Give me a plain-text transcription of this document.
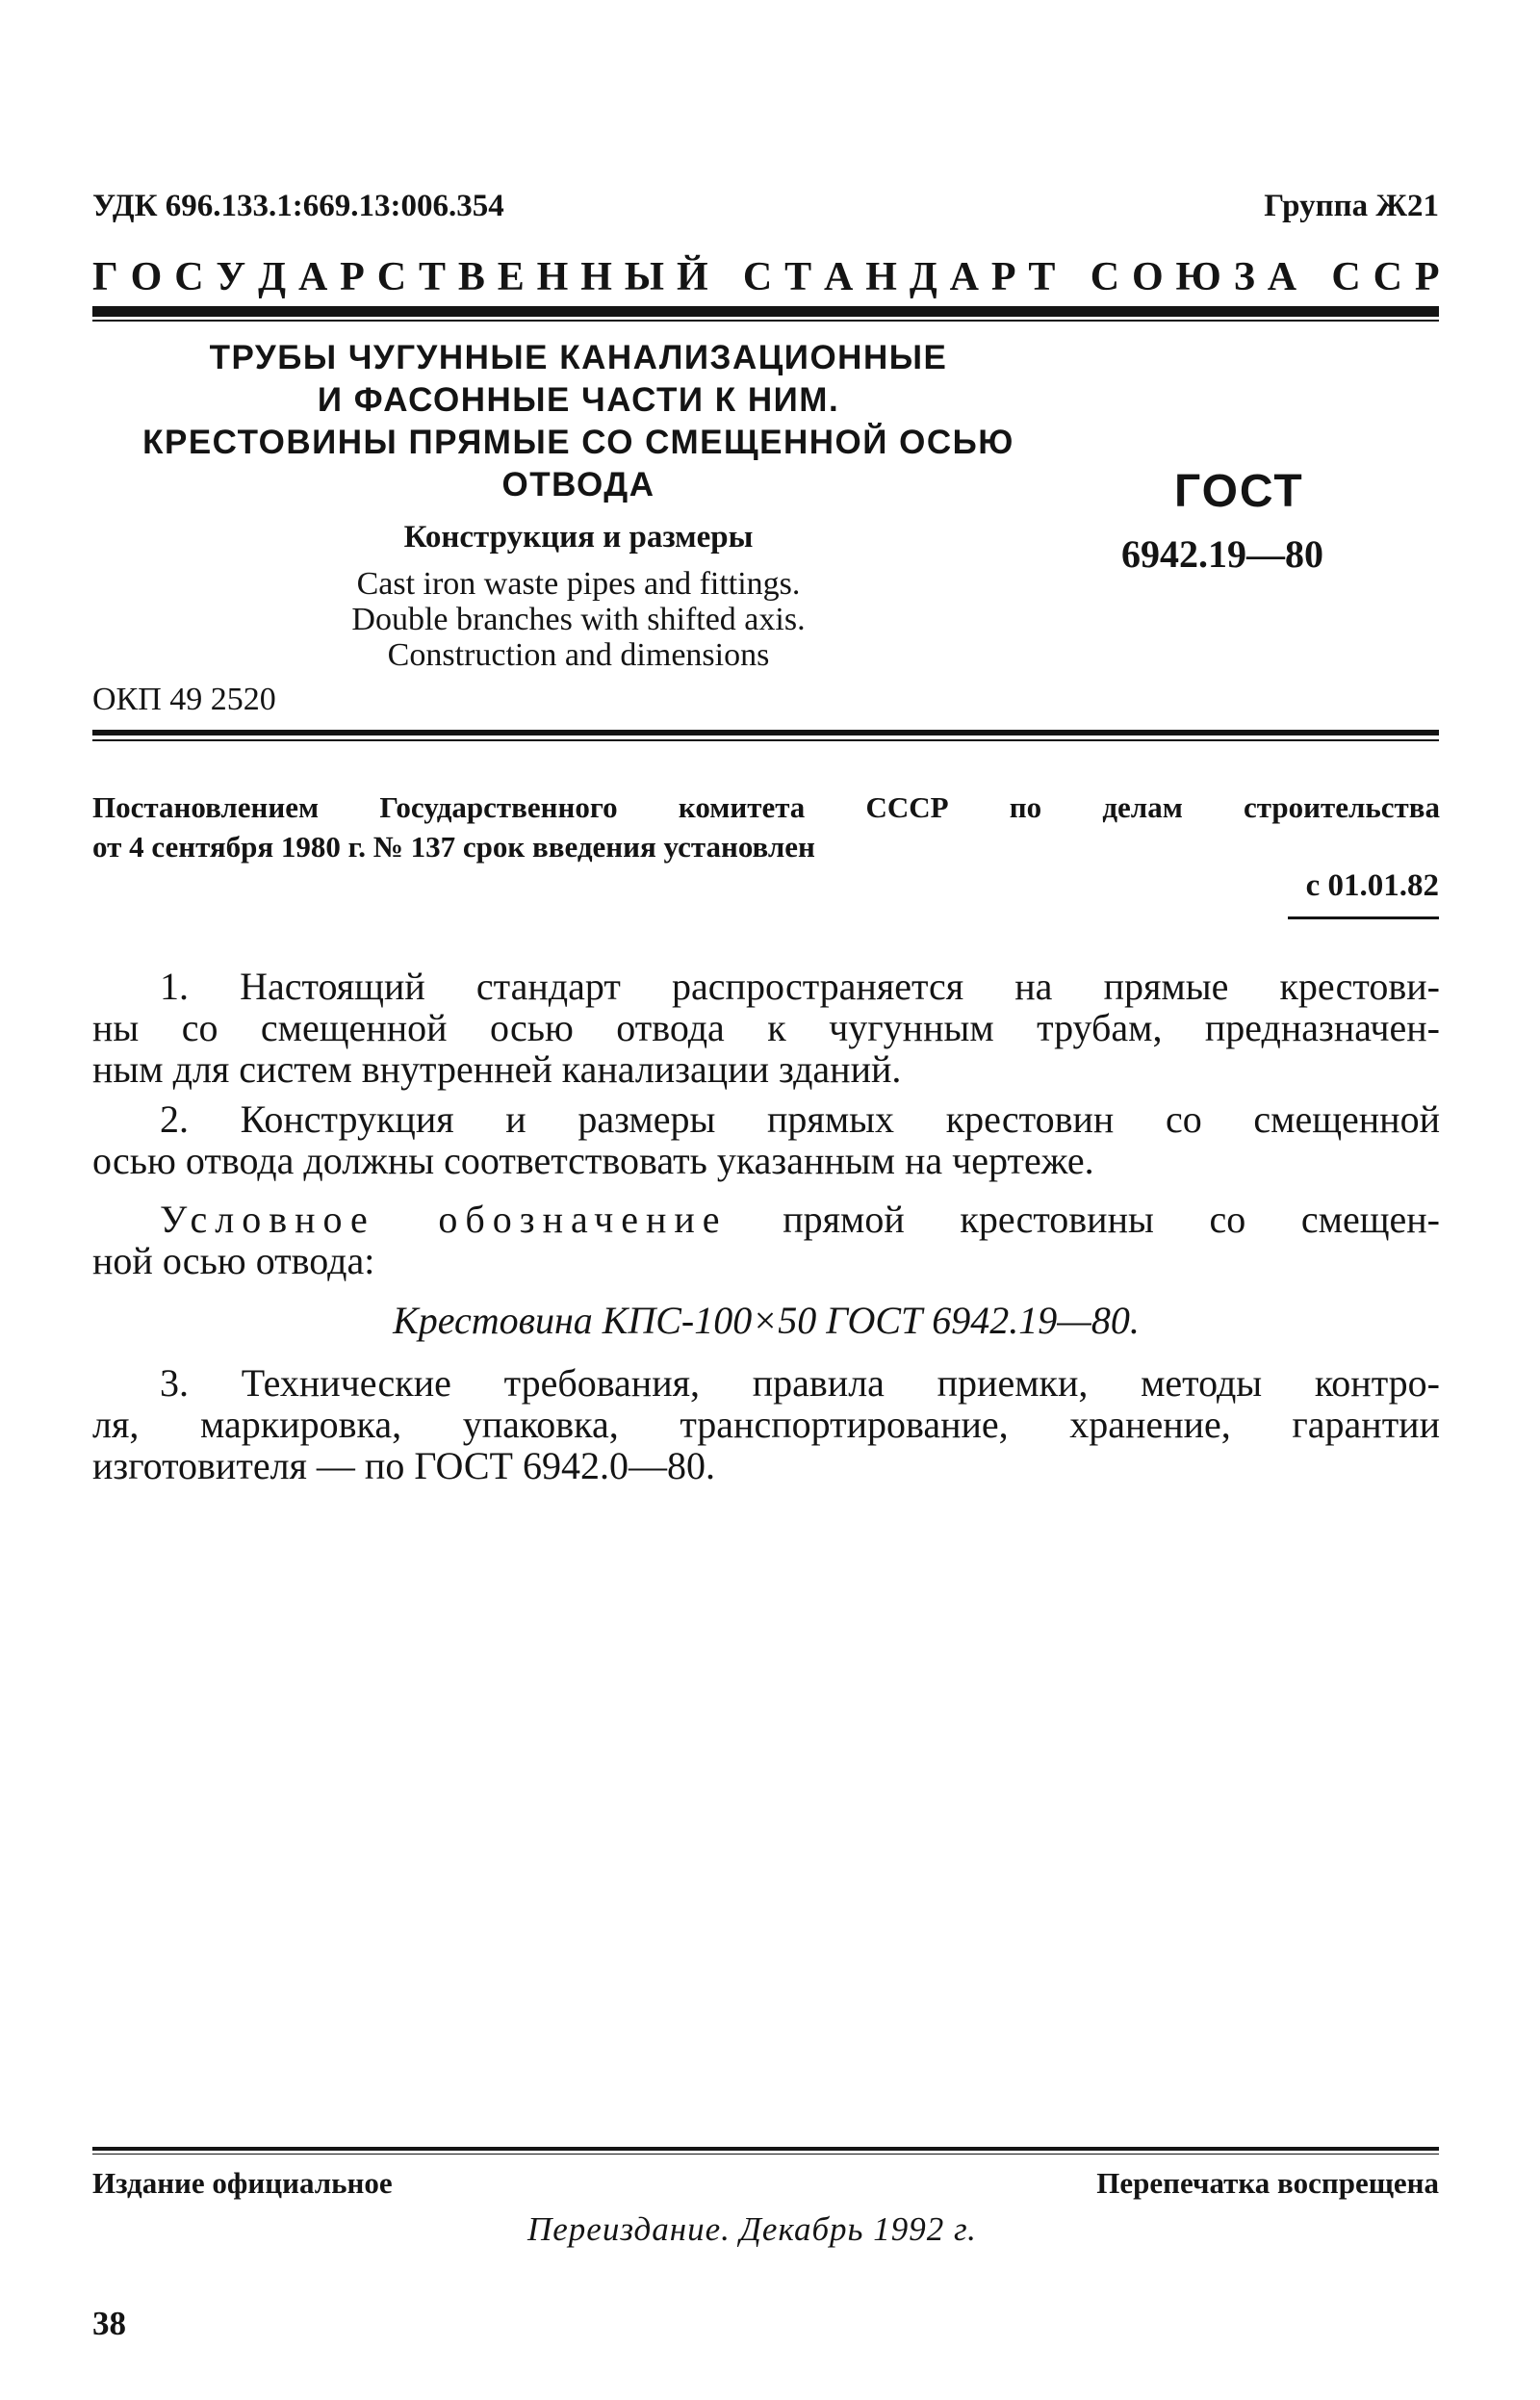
УДК 696.133.1:669.13:006.354	Группа Ж21
Г О С У Д А Р С Т В Е Н Н Ы Й
С Т А Н Д А Р Т
С О Ю З А
С С Р
ТРУБЫ ЧУГУННЫЕ КАНАЛИЗАЦИОННЫЕ
И ФАСОННЫЕ ЧАСТИ К НИМ.
КРЕСТОВИНЫ ПРЯМЫЕ СО СМЕЩЕННОЙ ОСЬЮ
ОТВОДА
Конструкция и размеры
Cast iron waste pipes and fittings.
Double branches with shifted axis.
Construction and dimensions
ГОСТ
6942.19—80
ОКП 49 2520
Постановлением Государственного комитета СССР по делам строительства
от 4 сентября 1980 г. № 137 срок введения установлен
с 01.01.82
1. Настоящий стандарт распространяется на прямые крестови-
ны со смещенной осью отвода к чугунным трубам, предназначен-
ным для систем внутренней канализации зданий.
2. Конструкция и размеры прямых крестовин со смещенной
осью отвода должны соответствовать указанным на чертеже.
Условное обозначение прямой крестовины со смещен-
ной осью отвода:
Крестовина КПС-100×50 ГОСТ 6942.19—80.
3. Технические требования, правила приемки, методы контро-
ля, маркировка, упаковка, транспортирование, хранение, гарантии
изготовителя — по ГОСТ 6942.0—80.
Издание официальное	Перепечатка воспрещена
Переиздание. Декабрь 1992 г.
38
